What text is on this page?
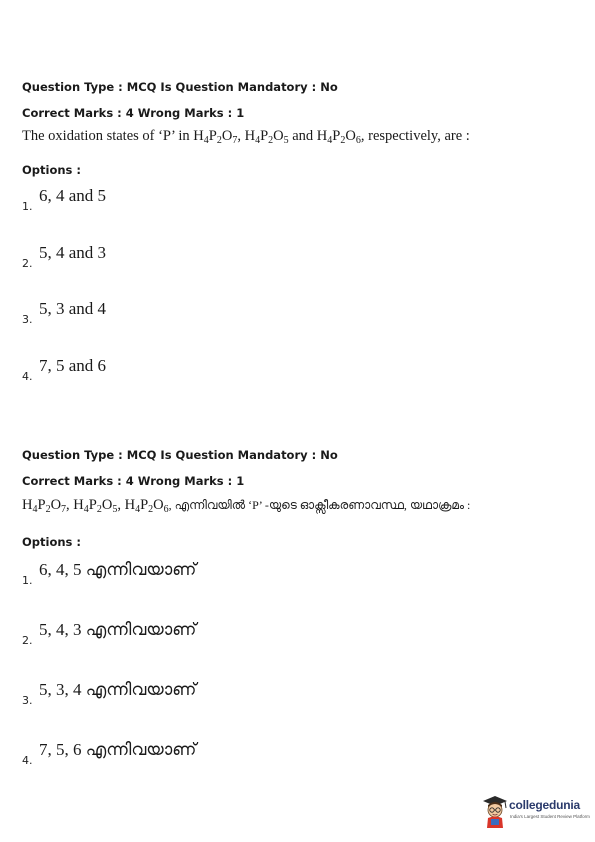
Question Type : MCQ Is Question Mandatory : No
Correct Marks : 4 Wrong Marks : 1
The oxidation states of ‘P’ in $H_4P_2O_7$, $H_4P_2O_5$ and $H_4P_2O_6$, respectively, are :
Options :
1.
6, 4 and 5
2.
5, 4 and 3
3.
5, 3 and 4
4.
7, 5 and 6
Question Type : MCQ Is Question Mandatory : No
Correct Marks : 4 Wrong Marks : 1
$H_4P_2O_7$, $H_4P_2O_5$, $H_4P_2O_6$, എന്നിവയിൽ ‘P’ -യുടെ ഓക്സീകരണാവസ്ഥ, യഥാക്രമം :
Options :
1.
6, 4, 5 എന്നിവയാണ്
2.
5, 4, 3 എന്നിവയാണ്
3.
5, 3, 4 എന്നിവയാണ്
4.
7, 5, 6 എന്നിവയാണ്
collegedunia
India's Largest Student Review Platform
